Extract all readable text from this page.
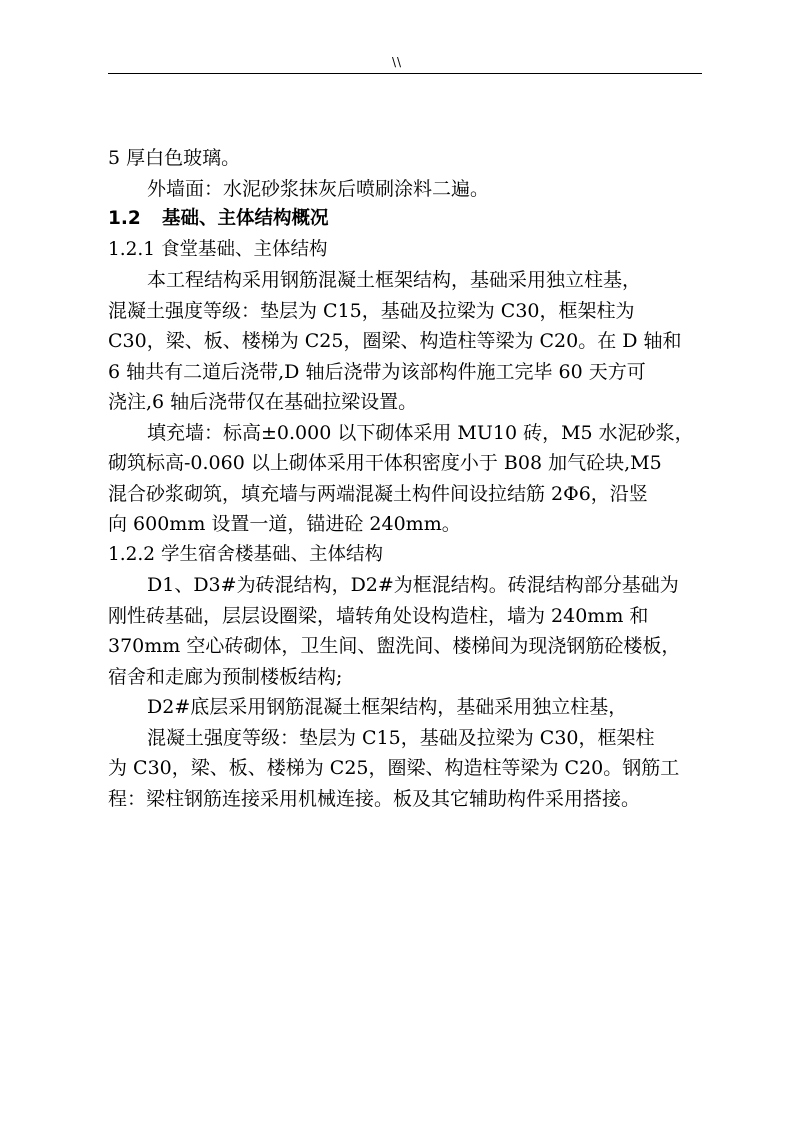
\\
5 厚白色玻璃。
外墙面：水泥砂浆抹灰后喷刷涂料二遍。
1.2 基础、主体结构概况
1.2.1 食堂基础、主体结构
本工程结构采用钢筋混凝土框架结构，基础采用独立柱基，
混凝土强度等级：垫层为 C15，基础及拉梁为 C30，框架柱为
C30，梁、板、楼梯为 C25，圈梁、构造柱等梁为 C20。在 D 轴和
6 轴共有二道后浇带,D 轴后浇带为该部构件施工完毕 60 天方可
浇注,6 轴后浇带仅在基础拉梁设置。
填充墙：标高±0.000 以下砌体采用 MU10 砖，M5 水泥砂浆，
砌筑标高-0.060 以上砌体采用干体积密度小于 B08 加气砼块,M5
混合砂浆砌筑，填充墙与两端混凝土构件间设拉结筋 2Φ6，沿竖
向 600mm 设置一道，锚进砼 240mm。
1.2.2 学生宿舍楼基础、主体结构
D1、D3#为砖混结构，D2#为框混结构。砖混结构部分基础为
刚性砖基础，层层设圈梁，墙转角处设构造柱，墙为 240mm 和
370mm 空心砖砌体，卫生间、盥洗间、楼梯间为现浇钢筋砼楼板，
宿舍和走廊为预制楼板结构;
D2#底层采用钢筋混凝土框架结构，基础采用独立柱基，
混凝土强度等级：垫层为 C15，基础及拉梁为 C30，框架柱
为 C30，梁、板、楼梯为 C25，圈梁、构造柱等梁为 C20。钢筋工
程：梁柱钢筋连接采用机械连接。板及其它辅助构件采用搭接。
